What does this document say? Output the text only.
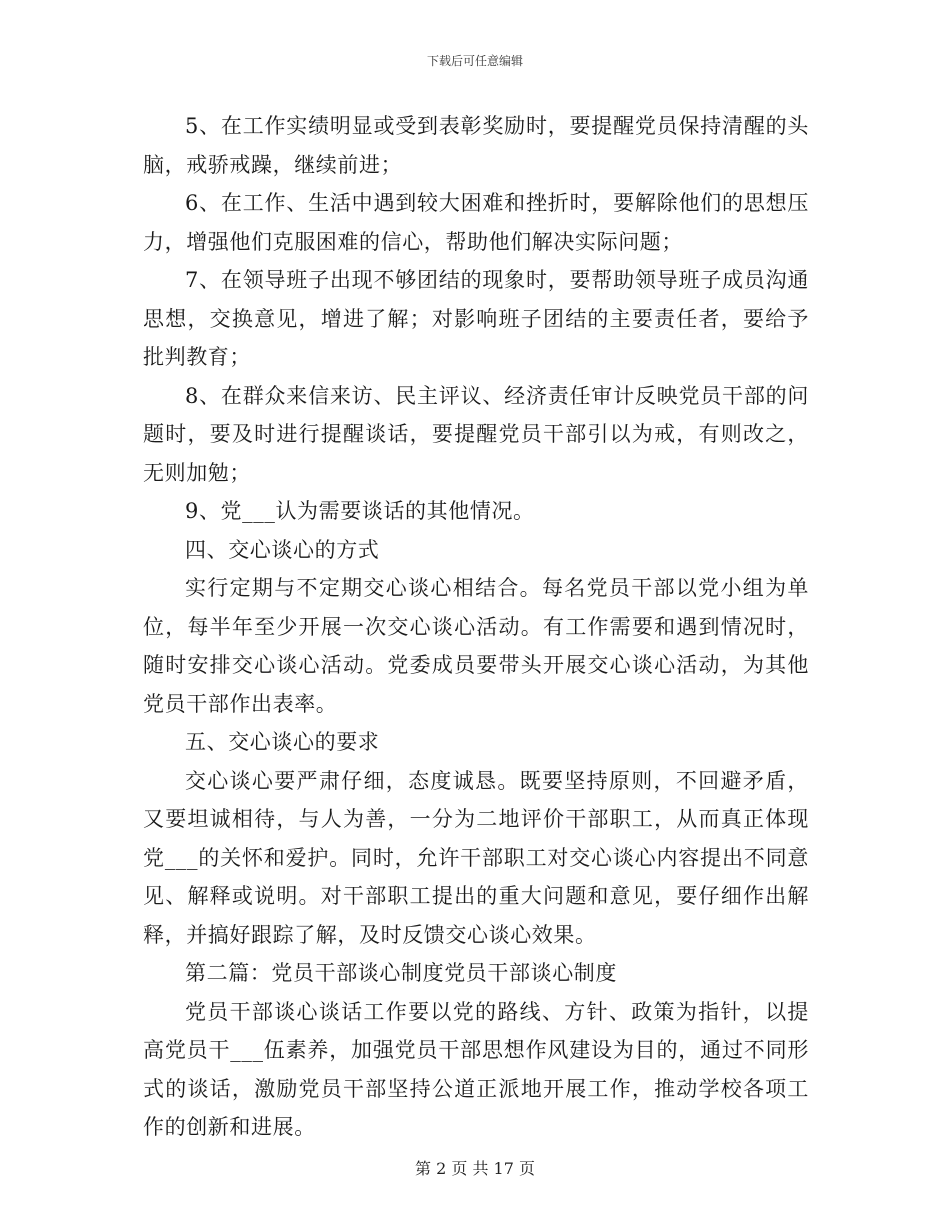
下载后可任意编辑

5、在工作实绩明显或受到表彰奖励时，要提醒党员保持清醒的头脑，戒骄戒躁，继续前进；

6、在工作、生活中遇到较大困难和挫折时，要解除他们的思想压力，增强他们克服困难的信心，帮助他们解决实际问题；

7、在领导班子出现不够团结的现象时，要帮助领导班子成员沟通思想，交换意见，增进了解；对影响班子团结的主要责任者，要给予批判教育；

8、在群众来信来访、民主评议、经济责任审计反映党员干部的问题时，要及时进行提醒谈话，要提醒党员干部引以为戒，有则改之，无则加勉；

9、党___认为需要谈话的其他情况。

四、交心谈心的方式

实行定期与不定期交心谈心相结合。每名党员干部以党小组为单位，每半年至少开展一次交心谈心活动。有工作需要和遇到情况时，随时安排交心谈心活动。党委成员要带头开展交心谈心活动，为其他党员干部作出表率。

五、交心谈心的要求

交心谈心要严肃仔细，态度诚恳。既要坚持原则，不回避矛盾，又要坦诚相待，与人为善，一分为二地评价干部职工，从而真正体现党___的关怀和爱护。同时，允许干部职工对交心谈心内容提出不同意见、解释或说明。对干部职工提出的重大问题和意见，要仔细作出解释，并搞好跟踪了解，及时反馈交心谈心效果。

第二篇：党员干部谈心制度党员干部谈心制度

党员干部谈心谈话工作要以党的路线、方针、政策为指针，以提高党员干___伍素养，加强党员干部思想作风建设为目的，通过不同形式的谈话，激励党员干部坚持公道正派地开展工作，推动学校各项工作的创新和进展。

第 2 页 共 17 页
